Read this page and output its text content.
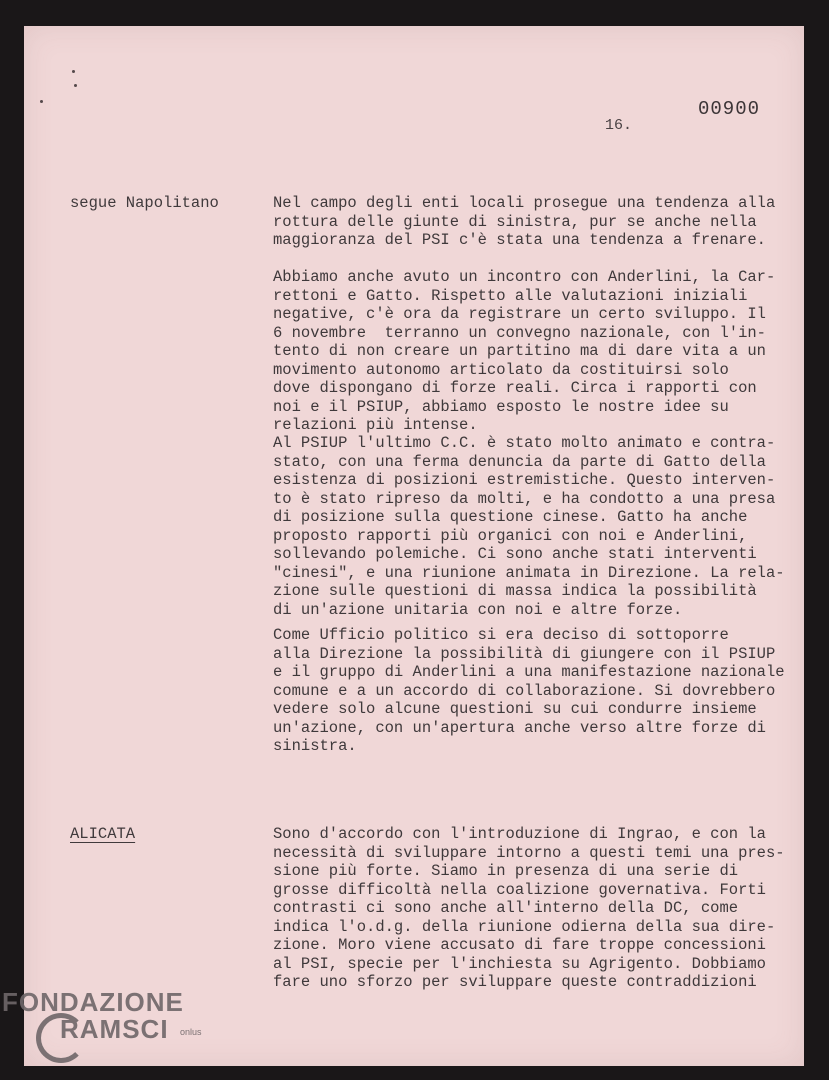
00900
16.
segue Napolitano	Nel campo degli enti locali prosegue una tendenza alla
rottura delle giunte di sinistra, pur se anche nella
maggioranza del PSI c'è stata una tendenza a frenare.
Abbiamo anche avuto un incontro con Anderlini, la Car-
rettoni e Gatto. Rispetto alle valutazioni iniziali
negative, c'è ora da registrare un certo sviluppo. Il
6 novembre  terranno un convegno nazionale, con l'in-
tento di non creare un partitino ma di dare vita a un
movimento autonomo articolato da costituirsi solo
dove dispongano di forze reali. Circa i rapporti con
noi e il PSIUP, abbiamo esposto le nostre idee su
relazioni più intense.
Al PSIUP l'ultimo C.C. è stato molto animato e contra-
stato, con una ferma denuncia da parte di Gatto della
esistenza di posizioni estremistiche. Questo interven-
to è stato ripreso da molti, e ha condotto a una presa
di posizione sulla questione cinese. Gatto ha anche
proposto rapporti più organici con noi e Anderlini,
sollevando polemiche. Ci sono anche stati interventi
"cinesi", e una riunione animata in Direzione. La rela-
zione sulle questioni di massa indica la possibilità
di un'azione unitaria con noi e altre forze.
Come Ufficio politico si era deciso di sottoporre
alla Direzione la possibilità di giungere con il PSIUP
e il gruppo di Anderlini a una manifestazione nazionale
comune e a un accordo di collaborazione. Si dovrebbero
vedere solo alcune questioni su cui condurre insieme
un'azione, con un'apertura anche verso altre forze di
sinistra.
ALICATA	Sono d'accordo con l'introduzione di Ingrao, e con la
necessità di sviluppare intorno a questi temi una pres-
sione più forte. Siamo in presenza di una serie di
grosse difficoltà nella coalizione governativa. Forti
contrasti ci sono anche all'interno della DC, come
indica l'o.d.g. della riunione odierna della sua dire-
zione. Moro viene accusato di fare troppe concessioni
al PSI, specie per l'inchiesta su Agrigento. Dobbiamo
fare uno sforzo per sviluppare queste contraddizioni
FONDAZIONE
RAMSCI	onlus
